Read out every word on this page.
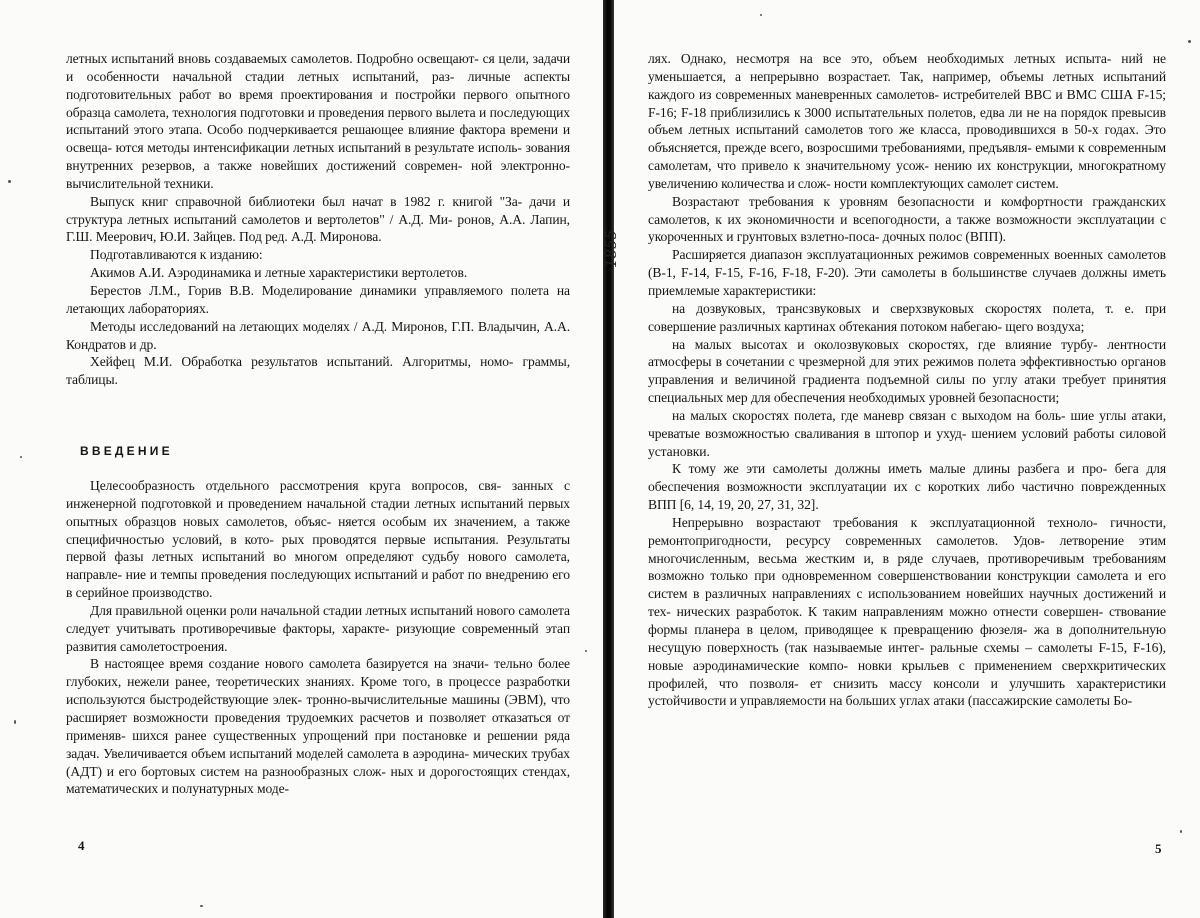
летных испытаний вновь создаваемых самолетов. Подробно освещают- ся цели, задачи и особенности начальной стадии летных испытаний, раз- личные аспекты подготовительных работ во время проектирования и постройки первого опытного образца самолета, технология подготовки и проведения первого вылета и последующих испытаний этого этапа. Особо подчеркивается решающее влияние фактора времени и освеща- ются методы интенсификации летных испытаний в результате исполь- зования внутренних резервов, а также новейших достижений современ- ной электронно-вычислительной техники.

Выпуск книг справочной библиотеки был начат в 1982 г. книгой "За- дачи и структура летных испытаний самолетов и вертолетов" / А.Д. Ми- ронов, А.А. Лапин, Г.Ш. Меерович, Ю.И. Зайцев. Под ред. А.Д. Миронова.

Подготавливаются к изданию:

Акимов А.И. Аэродинамика и летные характеристики вертолетов.

Берестов Л.М., Горив В.В. Моделирование динамики управляемого полета на летающих лабораториях.

Методы исследований на летающих моделях / А.Д. Миронов, Г.П. Владычин, А.А. Кондратов и др.

Хейфец М.И. Обработка результатов испытаний. Алгоритмы, номо- граммы, таблицы.

ВВЕДЕНИЕ

Целесообразность отдельного рассмотрения круга вопросов, свя- занных с инженерной подготовкой и проведением начальной стадии летных испытаний первых опытных образцов новых самолетов, объяс- няется особым их значением, а также специфичностью условий, в кото- рых проводятся первые испытания. Результаты первой фазы летных испытаний во многом определяют судьбу нового самолета, направле- ние и темпы проведения последующих испытаний и работ по внедрению его в серийное производство.

Для правильной оценки роли начальной стадии летных испытаний нового самолета следует учитывать противоречивые факторы, характе- ризующие современный этап развития самолетостроения.

В настоящее время создание нового самолета базируется на значи- тельно более глубоких, нежели ранее, теоретических знаниях. Кроме того, в процессе разработки используются быстродействующие элек- тронно-вычислительные машины (ЭВМ), что расширяет возможности проведения трудоемких расчетов и позволяет отказаться от применяв- шихся ранее существенных упрощений при постановке и решении ряда задач. Увеличивается объем испытаний моделей самолета в аэродина- мических трубах (АДТ) и его бортовых систем на разнообразных слож- ных и дорогостоящих стендах, математических и полунатурных моде-

4

лях. Однако, несмотря на все это, объем необходимых летных испыта- ний не уменьшается, а непрерывно возрастает. Так, например, объемы летных испытаний каждого из современных маневренных самолетов- истребителей ВВС и ВМС США F-15; F-16; F-18 приблизились к 3000 испытательных полетов, едва ли не на порядок превысив объем летных испытаний самолетов того же класса, проводившихся в 50-х годах. Это объясняется, прежде всего, возросшими требованиями, предъявля- емыми к современным самолетам, что привело к значительному усож- нению их конструкции, многократному увеличению количества и слож- ности комплектующих самолет систем.

Возрастают требования к уровням безопасности и комфортности гражданских самолетов, к их экономичности и всепогодности, а также возможности эксплуатации с укороченных и грунтовых взлетно-поса- дочных полос (ВПП).

Расширяется диапазон эксплуатационных режимов современных военных самолетов (В-1, F-14, F-15, F-16, F-18, F-20). Эти самолеты в большинстве случаев должны иметь приемлемые характеристики:

на дозвуковых, трансзвуковых и сверхзвуковых скоростях полета, т. е. при совершение различных картинах обтекания потоком набегаю- щего воздуха;

на малых высотах и околозвуковых скоростях, где влияние турбу- лентности атмосферы в сочетании с чрезмерной для этих режимов полета эффективностью органов управления и величиной градиента подъемной силы по углу атаки требует принятия специальных мер для обеспечения необходимых уровней безопасности;

на малых скоростях полета, где маневр связан с выходом на боль- шие углы атаки, чреватые возможностью сваливания в штопор и ухуд- шением условий работы силовой установки.

К тому же эти самолеты должны иметь малые длины разбега и про- бега для обеспечения возможности эксплуатации их с коротких либо частично поврежденных ВПП [6, 14, 19, 20, 27, 31, 32].

Непрерывно возрастают требования к эксплуатационной техноло- гичности, ремонтопригодности, ресурсу современных самолетов. Удов- летворение этим многочисленным, весьма жестким и, в ряде случаев, противоречивым требованиям возможно только при одновременном совершенствовании конструкции самолета и его систем в различных направлениях с использованием новейших научных достижений и тех- нических разработок. К таким направлениям можно отнести совершен- ствование формы планера в целом, приводящее к превращению фюзеля- жа в дополнительную несущую поверхность (так называемые интег- ральные схемы – самолеты F-15, F-16), новые аэродинамические компо- новки крыльев с применением сверхкритических профилей, что позволя- ет снизить массу консоли и улучшить характеристики устойчивости и управляемости на больших углах атаки (пассажирские самолеты Бо-

5
1855
